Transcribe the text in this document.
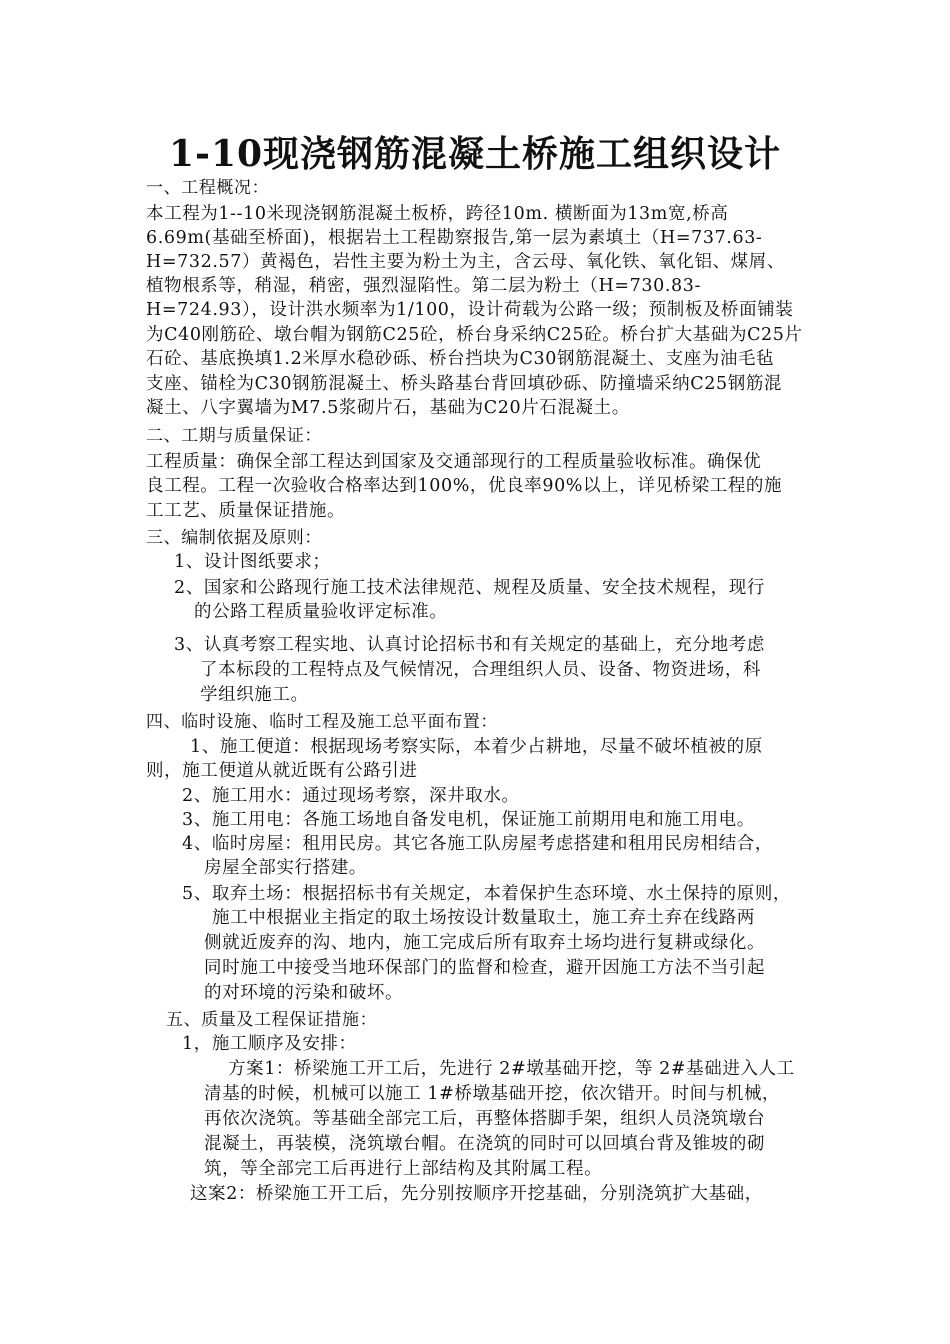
1-10现浇钢筋混凝土桥施工组织设计
一、工程概况：
本工程为1--10米现浇钢筋混凝土板桥，跨径10m. 横断面为13m宽,桥高
6.69m(基础至桥面)，根据岩土工程勘察报告,第一层为素填土（H=737.63-
H=732.57）黄褐色，岩性主要为粉土为主，含云母、氧化铁、氧化铝、煤屑、
植物根系等，稍湿，稍密，强烈湿陷性。第二层为粉土（H=730.83-
H=724.93），设计洪水频率为1/100，设计荷载为公路一级；预制板及桥面铺装
为C40刚筋砼、墩台帽为钢筋C25砼，桥台身采纳C25砼。桥台扩大基础为C25片
石砼、基底换填1.2米厚水稳砂砾、桥台挡块为C30钢筋混凝土、支座为油毛毡
支座、锚栓为C30钢筋混凝土、桥头路基台背回填砂砾、防撞墙采纳C25钢筋混
凝土、八字翼墙为M7.5浆砌片石，基础为C20片石混凝土。
二、工期与质量保证：
工程质量：确保全部工程达到国家及交通部现行的工程质量验收标准。确保优
良工程。工程一次验收合格率达到100%，优良率90%以上，详见桥梁工程的施
工工艺、质量保证措施。
三、编制依据及原则：
1、设计图纸要求；
2、国家和公路现行施工技术法律规范、规程及质量、安全技术规程，现行
的公路工程质量验收评定标准。
3、认真考察工程实地、认真讨论招标书和有关规定的基础上，充分地考虑
了本标段的工程特点及气候情况，合理组织人员、设备、物资进场，科
学组织施工。
四、临时设施、临时工程及施工总平面布置：
1、施工便道：根据现场考察实际，本着少占耕地，尽量不破坏植被的原
则，施工便道从就近既有公路引进
2、施工用水：通过现场考察，深井取水。
3、施工用电：各施工场地自备发电机，保证施工前期用电和施工用电。
4、临时房屋：租用民房。其它各施工队房屋考虑搭建和租用民房相结合，
房屋全部实行搭建。
5、取弃土场：根据招标书有关规定，本着保护生态环境、水土保持的原则，
施工中根据业主指定的取土场按设计数量取土，施工弃土弃在线路两
侧就近废弃的沟、地内，施工完成后所有取弃土场均进行复耕或绿化。
同时施工中接受当地环保部门的监督和检查，避开因施工方法不当引起
的对环境的污染和破坏。
五、质量及工程保证措施：
1，施工顺序及安排：
方案1：桥梁施工开工后，先进行 2#墩基础开挖，等 2#基础进入人工
清基的时候，机械可以施工 1#桥墩基础开挖，依次错开。时间与机械，
再依次浇筑。等基础全部完工后，再整体搭脚手架，组织人员浇筑墩台
混凝土，再装模，浇筑墩台帽。在浇筑的同时可以回填台背及锥坡的砌
筑，等全部完工后再进行上部结构及其附属工程。
这案2：桥梁施工开工后，先分别按顺序开挖基础，分别浇筑扩大基础，
